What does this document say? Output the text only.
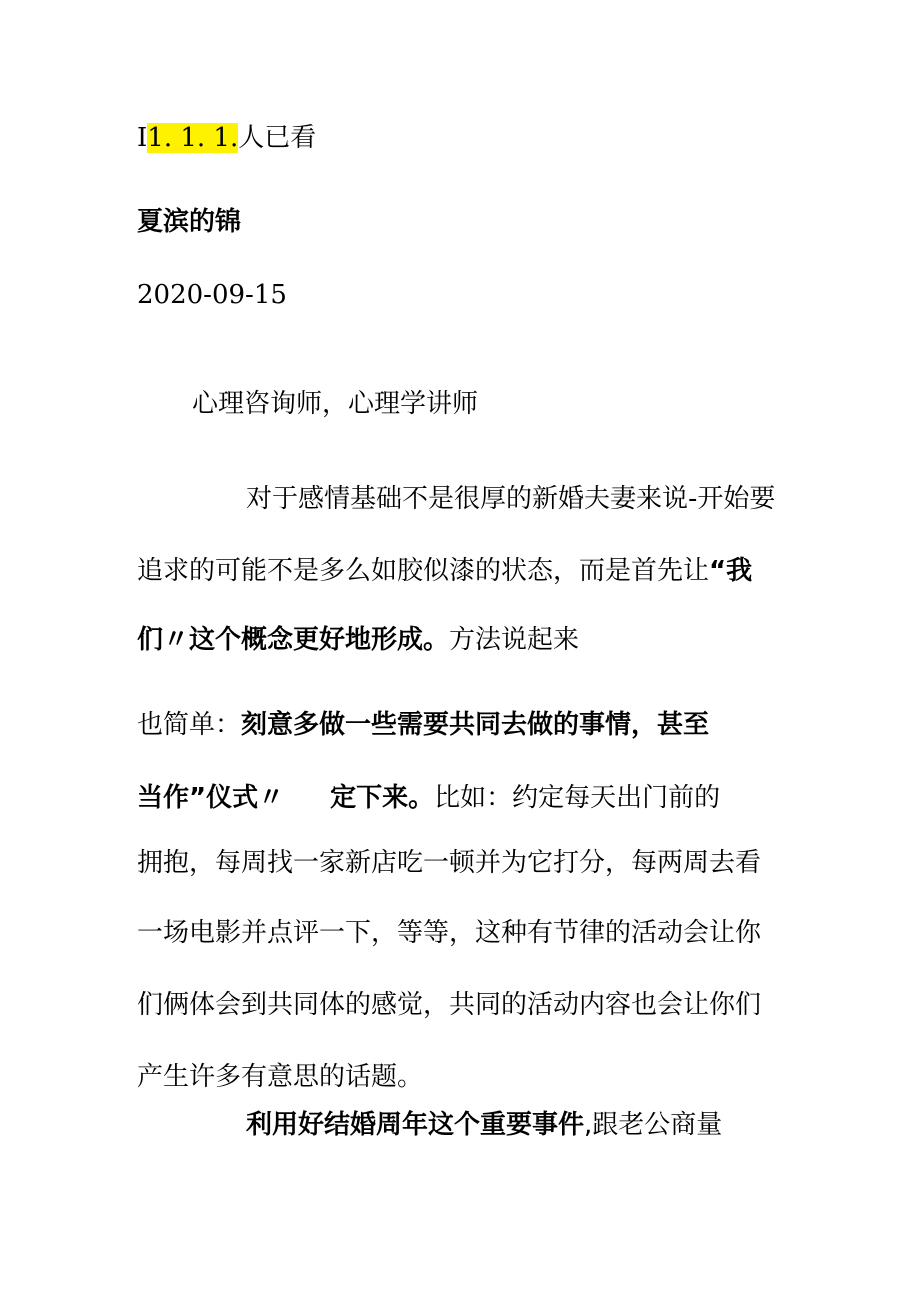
I1. 1. 1.人已看
夏滨的锦
2020-09-15
心理咨询师，心理学讲师
对于感情基础不是很厚的新婚夫妻来说-开始要
追求的可能不是多么如胶似漆的状态，而是首先让“我
们〃这个概念更好地形成。方法说起来
也简单：刻意多做一些需要共同去做的事情，甚至
当作”仪式〃 定下来。比如：约定每天出门前的
拥抱，每周找一家新店吃一顿并为它打分，每两周去看
一场电影并点评一下，等等，这种有节律的活动会让你
们俩体会到共同体的感觉，共同的活动内容也会让你们
产生许多有意思的话题。
利用好结婚周年这个重要事件,跟老公商量
